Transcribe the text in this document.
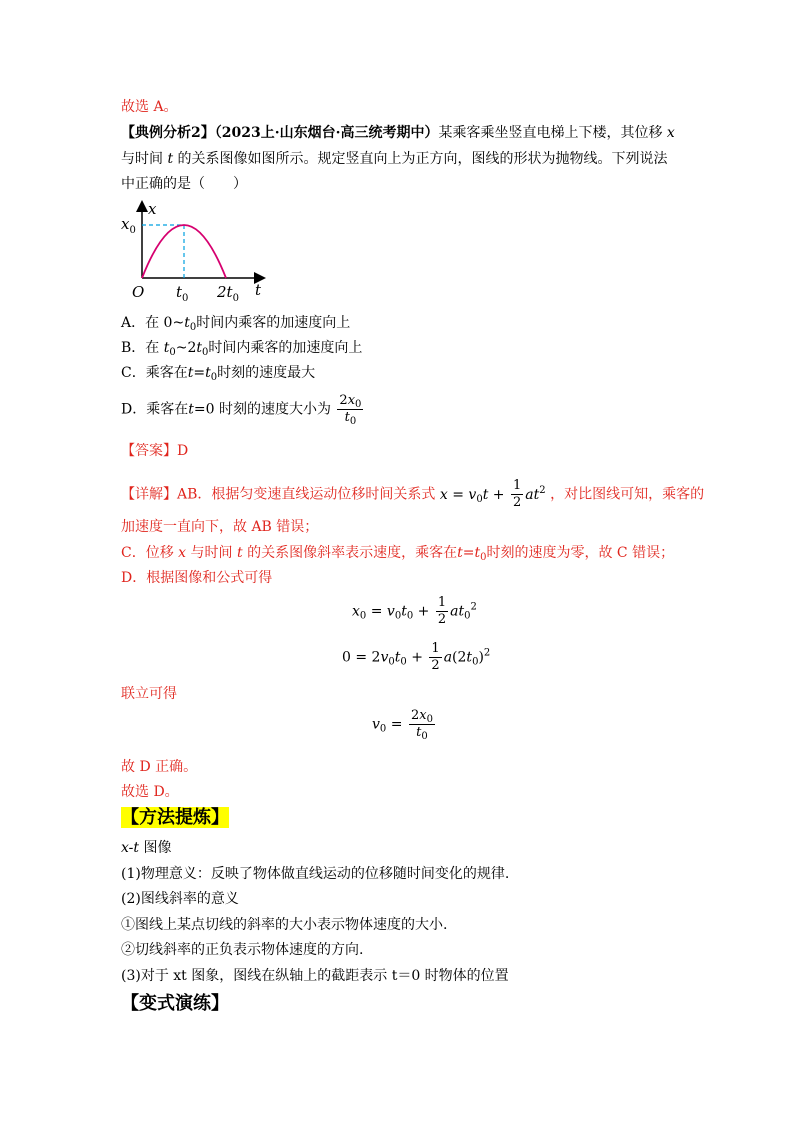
故选 A。
【典例分析2】（2023上·山东烟台·高三统考期中）某乘客乘坐竖直电梯上下楼，其位移 x
与时间 t 的关系图像如图所示。规定竖直向上为正方向，图线的形状为抛物线。下列说法
中正确的是（　　）
x
$x_0$
O $t_0$ $2t_0$ t
A．在 $0\sim t_0$时间内乘客的加速度向上
B．在 $t_0\sim 2t_0$时间内乘客的加速度向上
C．乘客在$t=t_0$时刻的速度最大
D．乘客在t=0 时刻的速度大小为 $\frac{2x_0}{t_0}$
【答案】D
【详解】AB．根据匀变速直线运动位移时间关系式 $x = v_0t + \frac{1}{2} at^2$ ，对比图线可知，乘客的
加速度一直向下，故 AB 错误；
C．位移 x 与时间 t 的关系图像斜率表示速度，乘客在$t=t_0$时刻的速度为零，故 C 错误；
D．根据图像和公式可得
$x_0 = v_0t_0 + \frac{1}{2} at_0^2$
$0 = 2v_0t_0 + \frac{1}{2} a(2t_0)^2$
联立可得
$v_0 = \frac{2x_0}{t_0}$
故 D 正确。
故选 D。
【方法提炼】
x-t 图像
(1)物理意义：反映了物体做直线运动的位移随时间变化的规律.
(2)图线斜率的意义
①图线上某点切线的斜率的大小表示物体速度的大小.
②切线斜率的正负表示物体速度的方向.
(3)对于 xt 图象，图线在纵轴上的截距表示 t＝0 时物体的位置
【变式演练】
